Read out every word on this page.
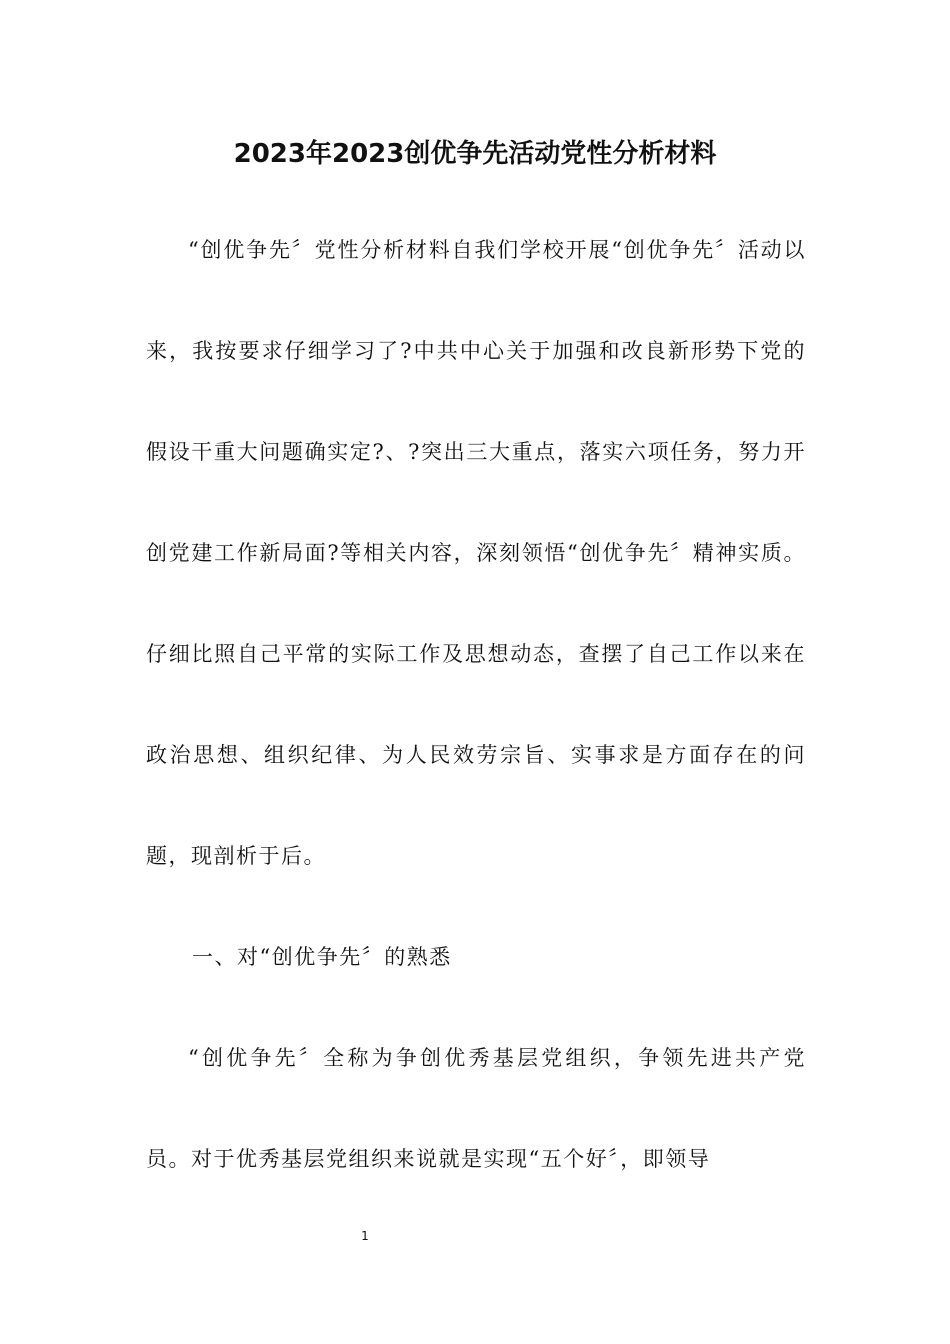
2023年2023创优争先活动党性分析材料

“创优争先〞党性分析材料自我们学校开展“创优争先〞活动以来，我按要求仔细学习了?中共中心关于加强和改良新形势下党的假设干重大问题确实定?、?突出三大重点，落实六项任务，努力开创党建工作新局面?等相关内容，深刻领悟“创优争先〞精神实质。仔细比照自己平常的实际工作及思想动态，查摆了自己工作以来在政治思想、组织纪律、为人民效劳宗旨、实事求是方面存在的问题，现剖析于后。

一、对“创优争先〞的熟悉

“创优争先〞全称为争创优秀基层党组织，争领先进共产党员。对于优秀基层党组织来说就是实现“五个好〞，即领导

1
